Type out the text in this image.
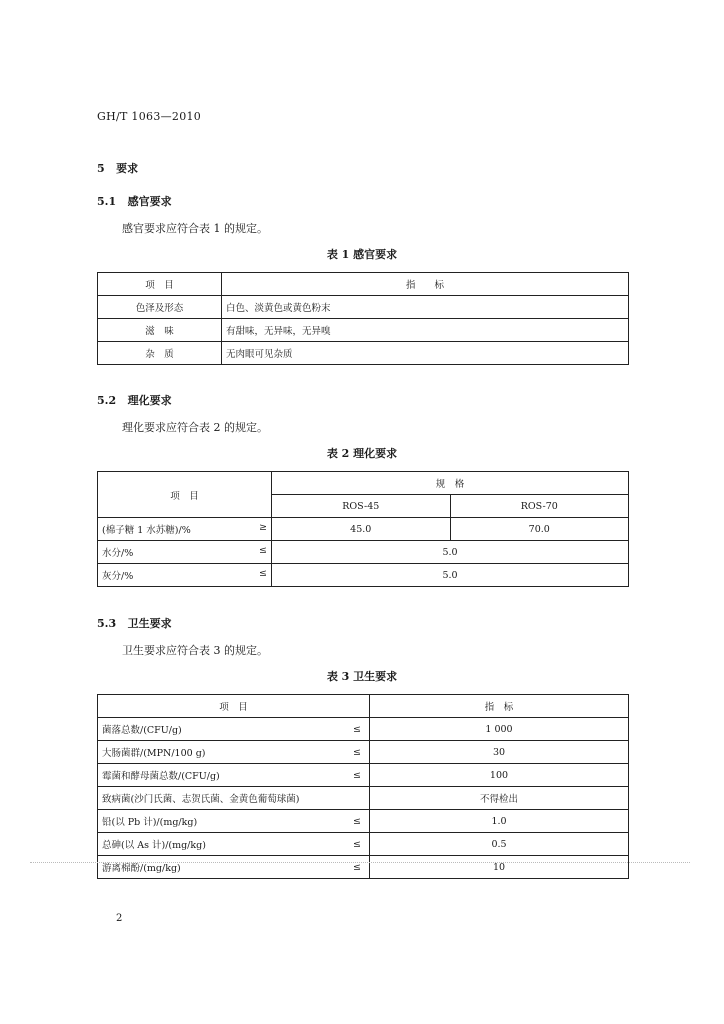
GH/T 1063—2010
5 要求
5.1 感官要求
感官要求应符合表 1 的规定。
表 1 感官要求
项　目	指　　标
色泽及形态	白色、淡黄色或黄色粉末
滋　味	有甜味，无异味，无异嗅
杂　质	无肉眼可见杂质
5.2 理化要求
理化要求应符合表 2 的规定。
表 2 理化要求
项　目	规　格	
	ROS-45	ROS-70
(棉子糖 1 水苏糖)/% ≥	45.0	70.0
水分/% ≤	5.0	
灰分/% ≤	5.0	
5.3 卫生要求
卫生要求应符合表 3 的规定。
表 3 卫生要求
项　目		指　标
菌落总数/(CFU/g)	≤	1 000
大肠菌群/(MPN/100 g)	≤	30
霉菌和酵母菌总数/(CFU/g)	≤	100
致病菌(沙门氏菌、志贺氏菌、金黄色葡萄球菌)		不得检出
铅(以 Pb 计)/(mg/kg)	≤	1.0
总砷(以 As 计)/(mg/kg)	≤	0.5
游离棉酚/(mg/kg)	≤	10
2
